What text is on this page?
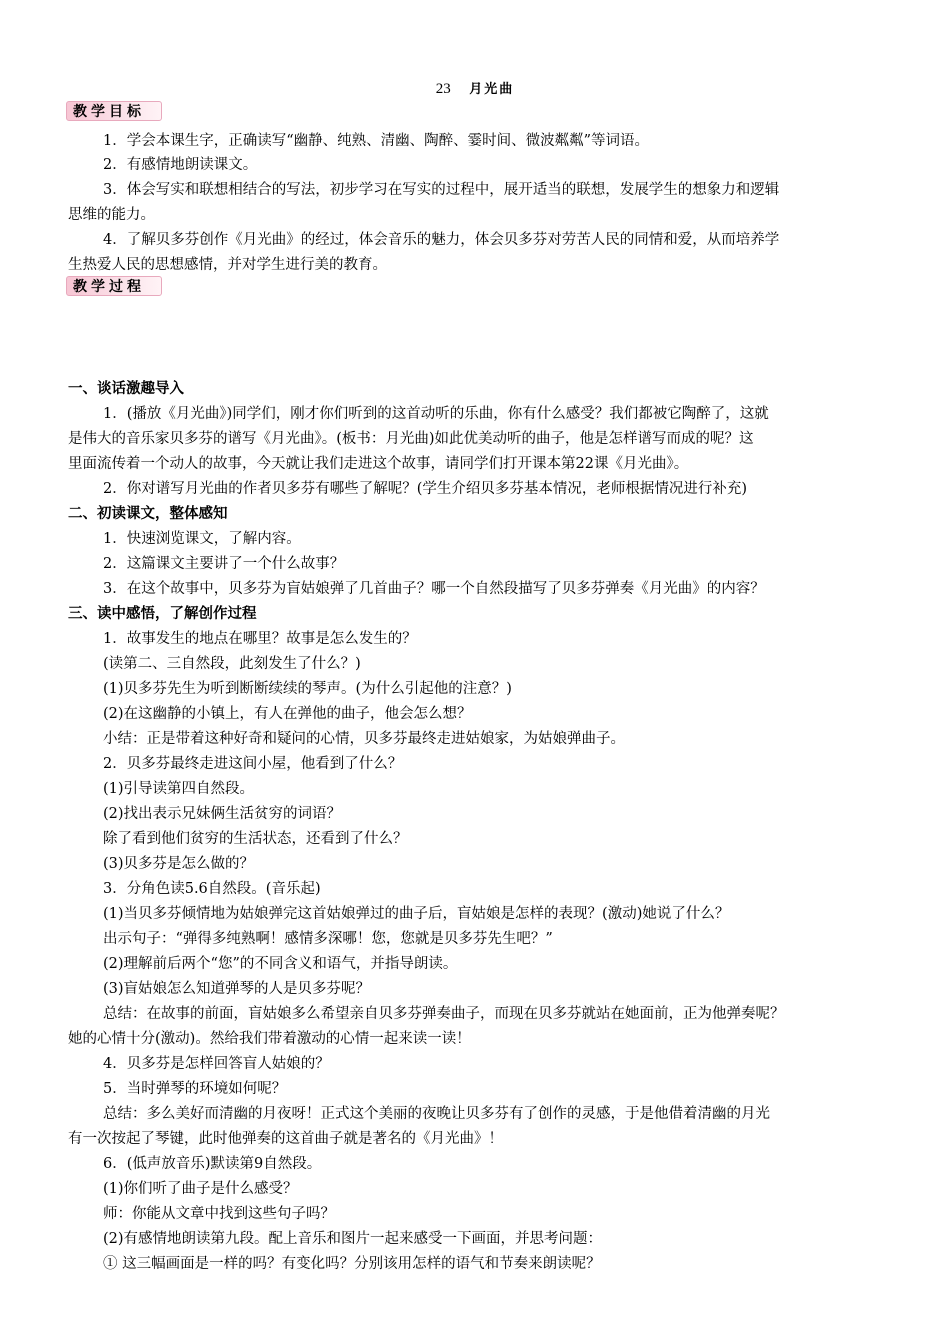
23 月光曲
教学目标
1．学会本课生字，正确读写“幽静、纯熟、清幽、陶醉、霎时间、微波粼粼”等词语。
2．有感情地朗读课文。
3．体会写实和联想相结合的写法，初步学习在写实的过程中，展开适当的联想，发展学生的想象力和逻辑
思维的能力。
4．了解贝多芬创作《月光曲》的经过，体会音乐的魅力，体会贝多芬对劳苦人民的同情和爱，从而培养学
生热爱人民的思想感情，并对学生进行美的教育。
教学过程
一、谈话激趣导入
1．(播放《月光曲》)同学们，刚才你们听到的这首动听的乐曲，你有什么感受？我们都被它陶醉了，这就
是伟大的音乐家贝多芬的谱写《月光曲》。(板书：月光曲)如此优美动听的曲子，他是怎样谱写而成的呢？这
里面流传着一个动人的故事，今天就让我们走进这个故事，请同学们打开课本第22课《月光曲》。
2．你对谱写月光曲的作者贝多芬有哪些了解呢？(学生介绍贝多芬基本情况，老师根据情况进行补充)
二、初读课文，整体感知
1．快速浏览课文，了解内容。
2．这篇课文主要讲了一个什么故事？
3．在这个故事中，贝多芬为盲姑娘弹了几首曲子？哪一个自然段描写了贝多芬弹奏《月光曲》的内容？
三、读中感悟，了解创作过程
1．故事发生的地点在哪里？故事是怎么发生的？
(读第二、三自然段，此刻发生了什么？)
(1)贝多芬先生为听到断断续续的琴声。(为什么引起他的注意？)
(2)在这幽静的小镇上，有人在弹他的曲子，他会怎么想？
小结：正是带着这种好奇和疑问的心情，贝多芬最终走进姑娘家，为姑娘弹曲子。
2．贝多芬最终走进这间小屋，他看到了什么？
(1)引导读第四自然段。
(2)找出表示兄妹俩生活贫穷的词语？
除了看到他们贫穷的生活状态，还看到了什么？
(3)贝多芬是怎么做的？
3．分角色读5.6自然段。(音乐起)
(1)当贝多芬倾情地为姑娘弹完这首姑娘弹过的曲子后，盲姑娘是怎样的表现？(激动)她说了什么？
出示句子：“弹得多纯熟啊！感情多深哪！您，您就是贝多芬先生吧？”
(2)理解前后两个“您”的不同含义和语气，并指导朗读。
(3)盲姑娘怎么知道弹琴的人是贝多芬呢？
总结：在故事的前面，盲姑娘多么希望亲自贝多芬弹奏曲子，而现在贝多芬就站在她面前，正为他弹奏呢？
她的心情十分(激动)。然给我们带着激动的心情一起来读一读！
4．贝多芬是怎样回答盲人姑娘的？
5．当时弹琴的环境如何呢？
总结：多么美好而清幽的月夜呀！正式这个美丽的夜晚让贝多芬有了创作的灵感，于是他借着清幽的月光
有一次按起了琴键，此时他弹奏的这首曲子就是著名的《月光曲》！
6．(低声放音乐)默读第9自然段。
(1)你们听了曲子是什么感受？
师：你能从文章中找到这些句子吗？
(2)有感情地朗读第九段。配上音乐和图片一起来感受一下画面，并思考问题：
① 这三幅画面是一样的吗？有变化吗？分别该用怎样的语气和节奏来朗读呢？
